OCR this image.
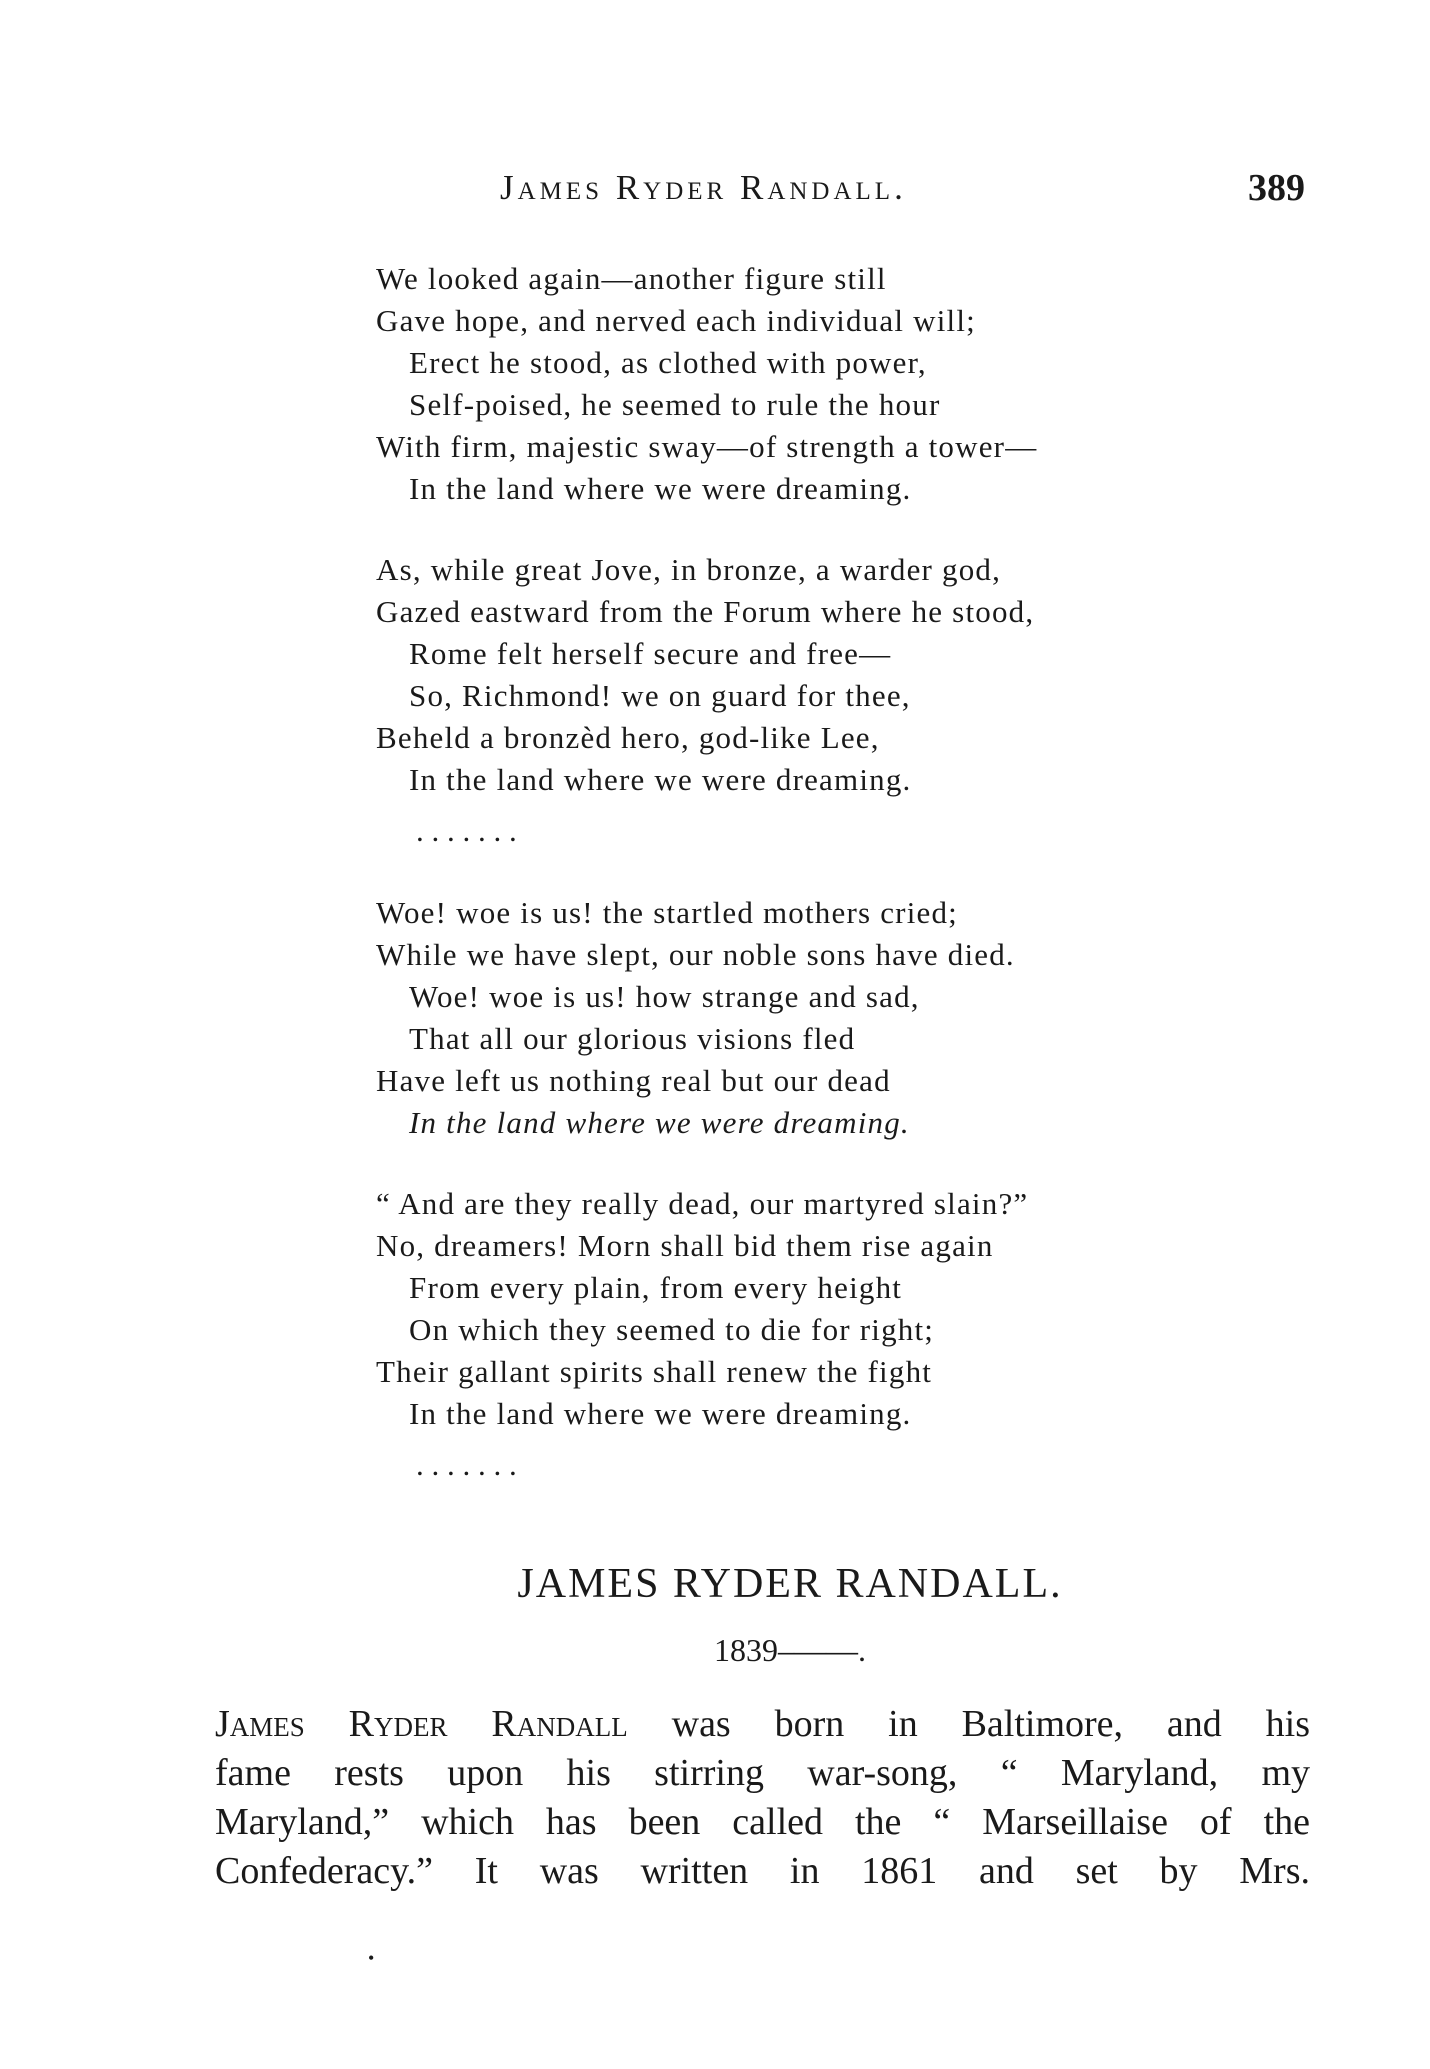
James Ryder Randall.	389
We looked again—another figure still
Gave hope, and nerved each individual will;
Erect he stood, as clothed with power,
Self-poised, he seemed to rule the hour
With firm, majestic sway—of strength a tower—
In the land where we were dreaming.
As, while great Jove, in bronze, a warder god,
Gazed eastward from the Forum where he stood,
Rome felt herself secure and free—
So, Richmond! we on guard for thee,
Beheld a bronzèd hero, god-like Lee,
In the land where we were dreaming.
. . . . . . .
Woe! woe is us! the startled mothers cried;
While we have slept, our noble sons have died.
Woe! woe is us! how strange and sad,
That all our glorious visions fled
Have left us nothing real but our dead
In the land where we were dreaming.
“ And are they really dead, our martyred slain?”
No, dreamers! Morn shall bid them rise again
From every plain, from every height
On which they seemed to die for right;
Their gallant spirits shall renew the fight
In the land where we were dreaming.
. . . . . . .
JAMES RYDER RANDALL.
1839–——.
James Ryder Randall was born in Baltimore, and his
fame rests upon his stirring war-song, “ Maryland, my
Maryland,” which has been called the “ Marseillaise of the
Confederacy.” It was written in 1861 and set by Mrs.
•
